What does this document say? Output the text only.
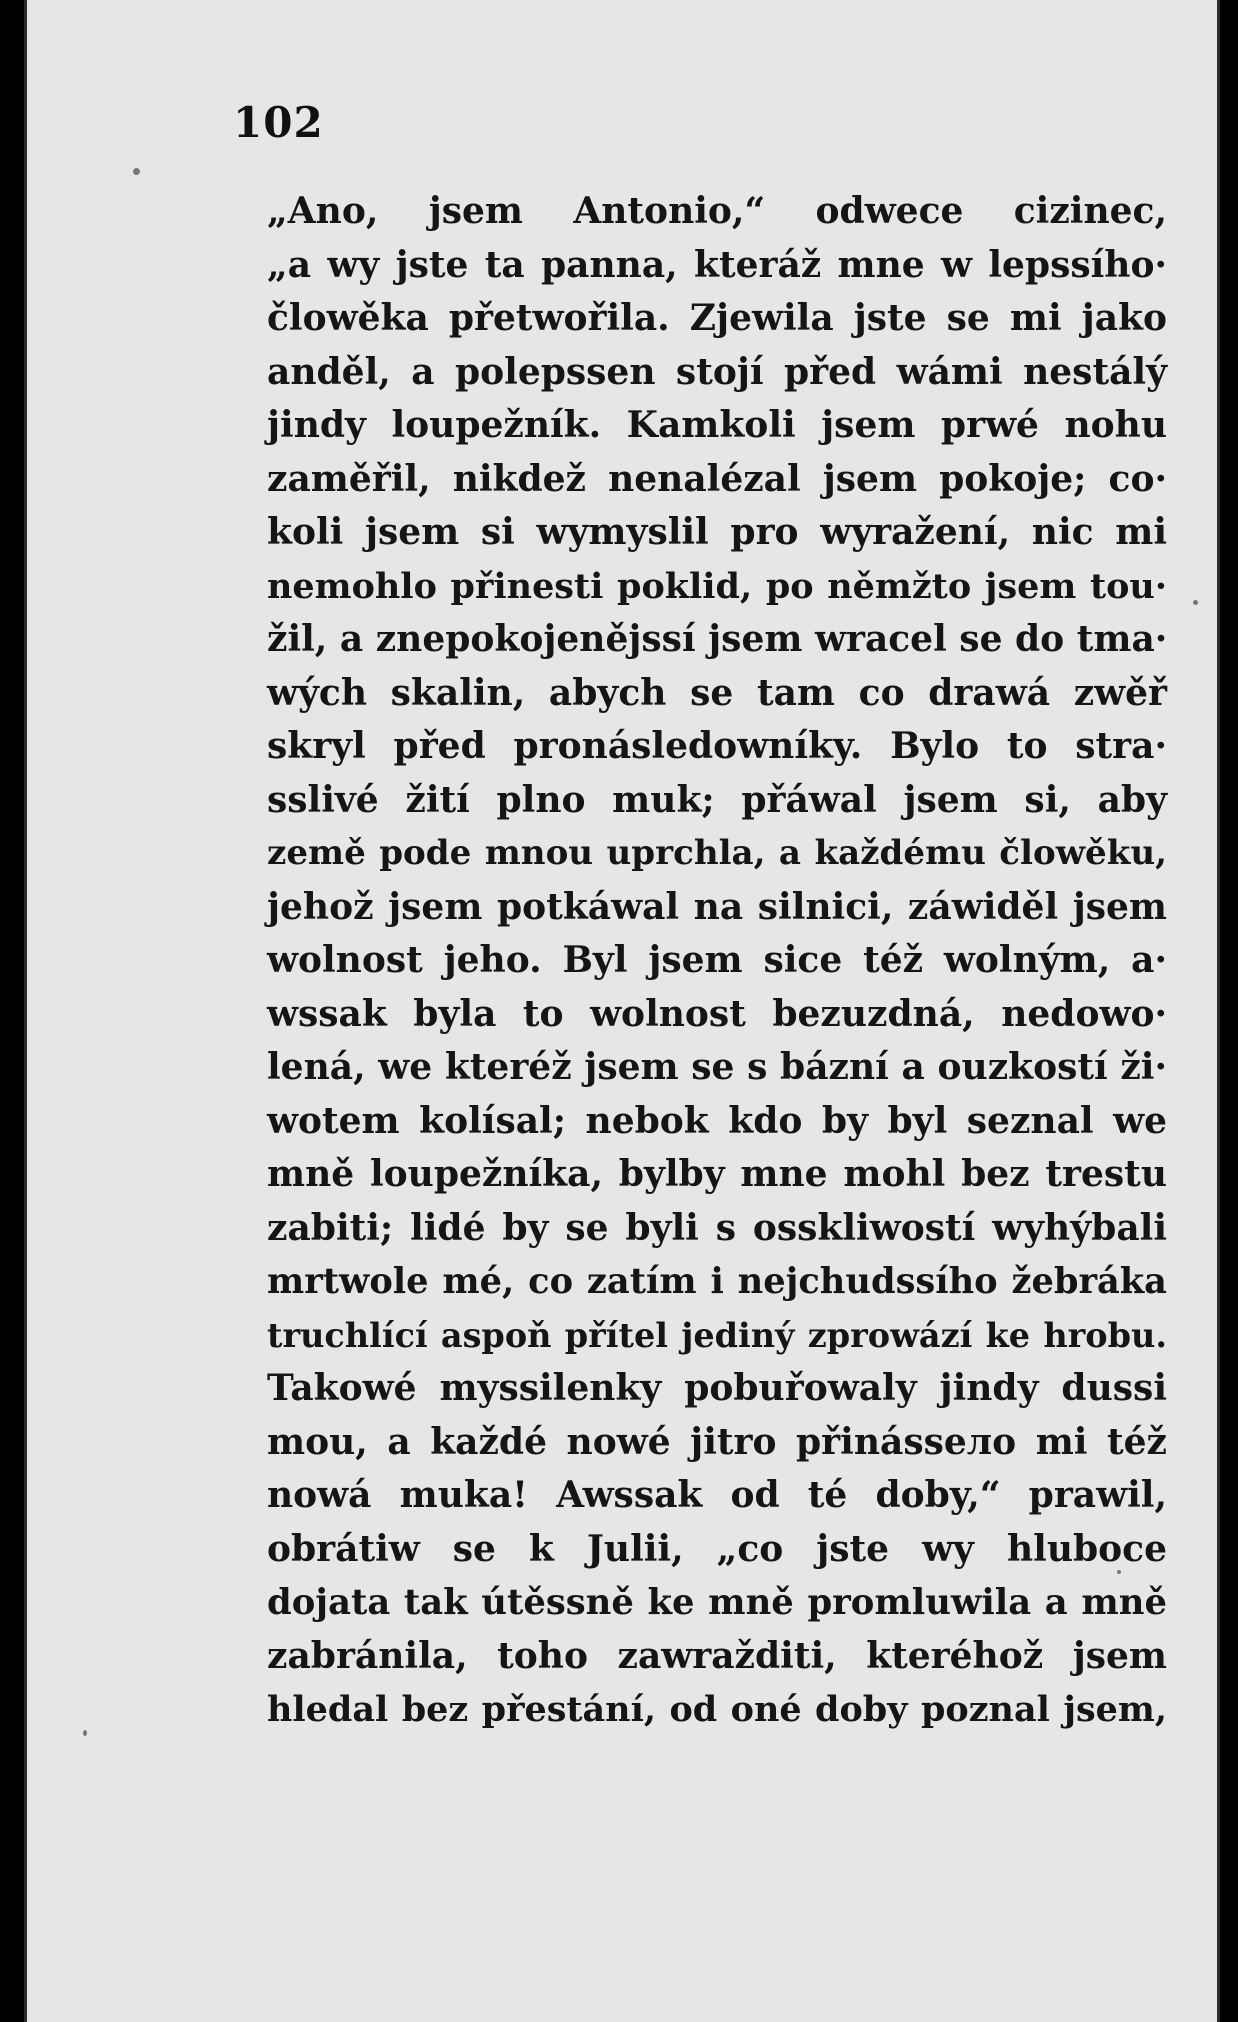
102
„Ano, jsem Antonio,“ odwece cizinec,
„a wy jste ta panna, kteráž mne w lepssího·
člowěka přetwořila. Zjewila jste se mi jako
anděl, a polepssen stojí před wámi nestálý
jindy loupežník. Kamkoli jsem prwé nohu
zaměřil, nikdež nenalézal jsem pokoje; co·
koli jsem si wymyslil pro wyražení, nic mi
nemohlo přinesti poklid, po němžto jsem tou·
žil, a znepokojenějssí jsem wracel se do tma·
wých skalin, abych se tam co drawá zwěř
skryl před pronásledowníky. Bylo to stra·
sslivé žití plno muk; přáwal jsem si, aby
země pode mnou uprchla, a každému člowěku,
jehož jsem potkáwal na silnici, záwiděl jsem
wolnost jeho. Byl jsem sice též wolným, a·
wssak byla to wolnost bezuzdná, nedowo·
lená, we kteréž jsem se s bázní a ouzkostí ži·
wotem kolísal; nebok kdo by byl seznal we
mně loupežníka, bylby mne mohl bez trestu
zabiti; lidé by se byli s osskliwostí wyhýbali
mrtwole mé, co zatím i nejchudssího žebráka
truchlící aspoň přítel jediný zprowází ke hrobu.
Takowé myssilenky pobuřowaly jindy dussi
mou, a každé nowé jitro přinássело mi též
nowá muka! Awssak od té doby,“ prawil,
obrátiw se k Julii, „co jste wy hluboce
dojata tak útěssně ke mně promluwila a mně
zabránila, toho zawražditi, kteréhož jsem
hledal bez přestání, od oné doby poznal jsem,
